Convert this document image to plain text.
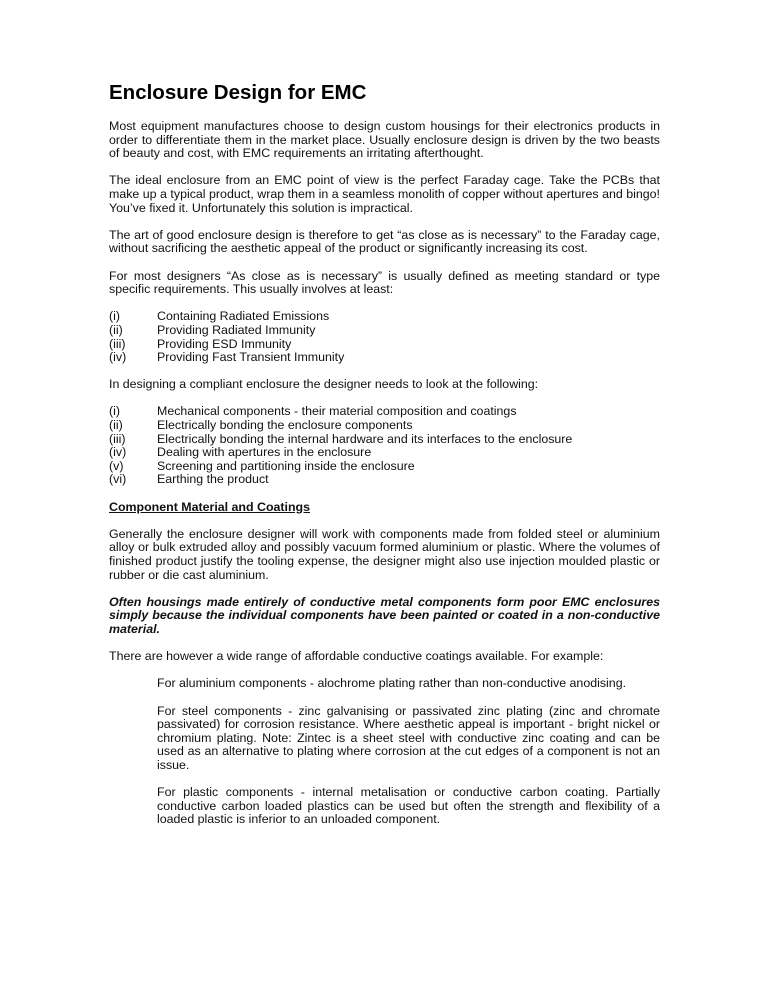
Enclosure Design for EMC

Most equipment manufactures choose to design custom housings for their electronics products in order to differentiate them in the market place. Usually enclosure design is driven by the two beasts of beauty and cost, with EMC requirements an irritating afterthought.

The ideal enclosure from an EMC point of view is the perfect Faraday cage. Take the PCBs that make up a typical product, wrap them in a seamless monolith of copper without apertures and bingo! You’ve fixed it. Unfortunately this solution is impractical.

The art of good enclosure design is therefore to get “as close as is necessary” to the Faraday cage, without sacrificing the aesthetic appeal of the product or significantly increasing its cost.

For most designers “As close as is necessary” is usually defined as meeting standard or type specific requirements. This usually involves at least:

(i)	Containing Radiated Emissions
(ii)	Providing Radiated Immunity
(iii)	Providing ESD Immunity
(iv)	Providing Fast Transient Immunity

In designing a compliant enclosure the designer needs to look at the following:

(i)	Mechanical components - their material composition and coatings
(ii)	Electrically bonding the enclosure components
(iii)	Electrically bonding the internal hardware and its interfaces to the enclosure
(iv)	Dealing with apertures in the enclosure
(v)	Screening and partitioning inside the enclosure
(vi)	Earthing the product
Component Material and Coatings

Generally the enclosure designer will work with components made from folded steel or aluminium alloy or bulk extruded alloy and possibly vacuum formed aluminium or plastic. Where the volumes of finished product justify the tooling expense, the designer might also use injection moulded plastic or rubber or die cast aluminium.

Often housings made entirely of conductive metal components form poor EMC enclosures simply because the individual components have been painted or coated in a non-conductive material.

There are however a wide range of affordable conductive coatings available. For example:

For aluminium components - alochrome plating rather than non-conductive anodising.

For steel components - zinc galvanising or passivated zinc plating (zinc and chromate passivated) for corrosion resistance. Where aesthetic appeal is important - bright nickel or chromium plating. Note: Zintec is a sheet steel with conductive zinc coating and can be used as an alternative to plating where corrosion at the cut edges of a component is not an issue.

For plastic components - internal metalisation or conductive carbon coating. Partially conductive carbon loaded plastics can be used but often the strength and flexibility of a loaded plastic is inferior to an unloaded component.
